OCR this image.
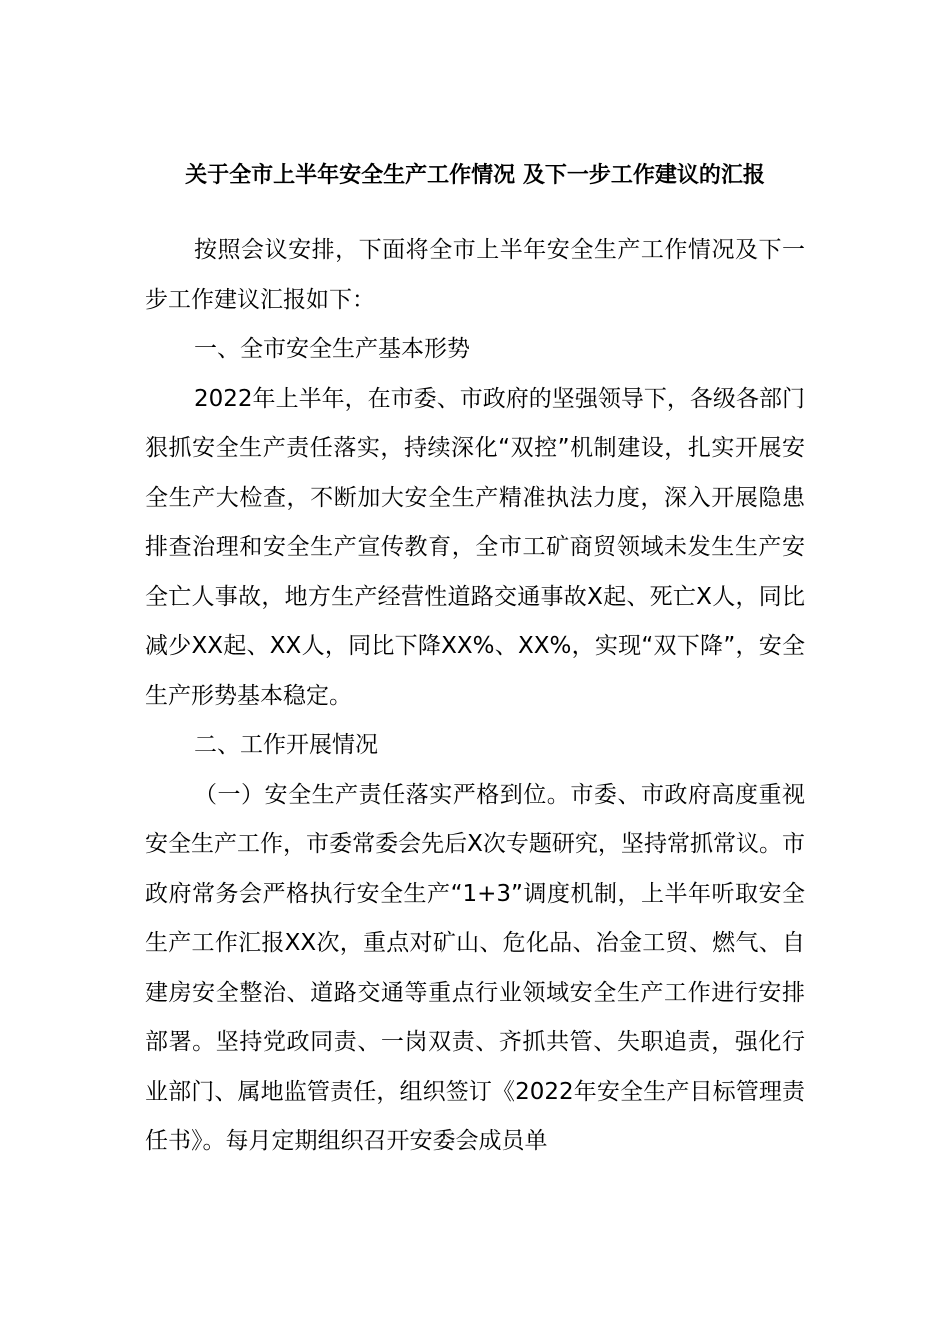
关于全市上半年安全生产工作情况 及下一步工作建议的汇报

按照会议安排，下面将全市上半年安全生产工作情况及下一步工作建议汇报如下：

一、全市安全生产基本形势

2022年上半年，在市委、市政府的坚强领导下，各级各部门狠抓安全生产责任落实，持续深化“双控”机制建设，扎实开展安全生产大检查，不断加大安全生产精准执法力度，深入开展隐患排查治理和安全生产宣传教育，全市工矿商贸领域未发生生产安全亡人事故，地方生产经营性道路交通事故X起、死亡X人，同比减少XX起、XX人，同比下降XX%、XX%，实现“双下降”，安全生产形势基本稳定。

二、工作开展情况

（一）安全生产责任落实严格到位。市委、市政府高度重视安全生产工作，市委常委会先后X次专题研究，坚持常抓常议。市政府常务会严格执行安全生产“1+3”调度机制，上半年听取安全生产工作汇报XX次，重点对矿山、危化品、冶金工贸、燃气、自建房安全整治、道路交通等重点行业领域安全生产工作进行安排部署。坚持党政同责、一岗双责、齐抓共管、失职追责，强化行业部门、属地监管责任，组织签订《2022年安全生产目标管理责任书》。每月定期组织召开安委会成员单
